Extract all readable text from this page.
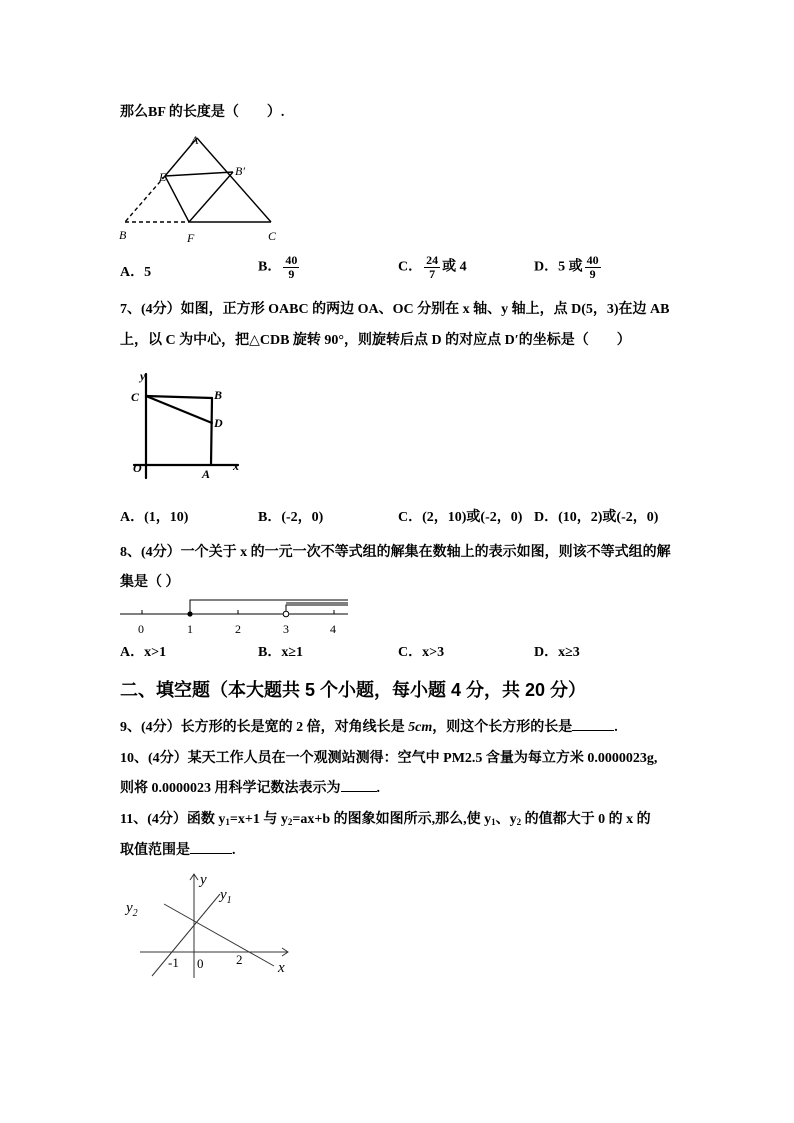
那么BF 的长度是（　　）.
A
E	B′
B	F	C
A．5	B． $\frac{40}{9}$	C． $\frac{24}{7}$ 或 4	D．5 或 $\frac{40}{9}$
7、(4分）如图，正方形 OABC 的两边 OA、OC 分别在 x 轴、y 轴上，点 D(5，3)在边 AB
上，以 C 为中心，把△CDB 旋转 90°，则旋转后点 D 的对应点 D′的坐标是（　　）
y
C	B
D
O	A
x
A．(1，10)	B．(-2，0)	C．(2，10)或(-2，0) D．(10，2)或(-2，0)
8、(4分）一个关于 x 的一元一次不等式组的解集在数轴上的表示如图，则该不等式组的解
集是（ ）
0	1	2	3	4
A．x>1	B．x≥1	C．x>3	D．x≥3
二、填空题（本大题共 5 个小题，每小题 4 分，共 20 分）
9、(4分）长方形的长是宽的 2 倍，对角线长是 5cm，则这个长方形的长是	.
10、(4分）某天工作人员在一个观测站测得：空气中 PM2.5 含量为每立方米 0.0000023g,
则将 0.0000023 用科学记数法表示为	.
11、(4分）函数 $y_1=x+1$ 与 $y_2=ax+b$ 的图象如图所示,那么,使 $y_1$、$y_2$ 的值都大于 0 的 x 的
取值范围是	.
y
$y_1$
$y_2$
-1 0	2
x
